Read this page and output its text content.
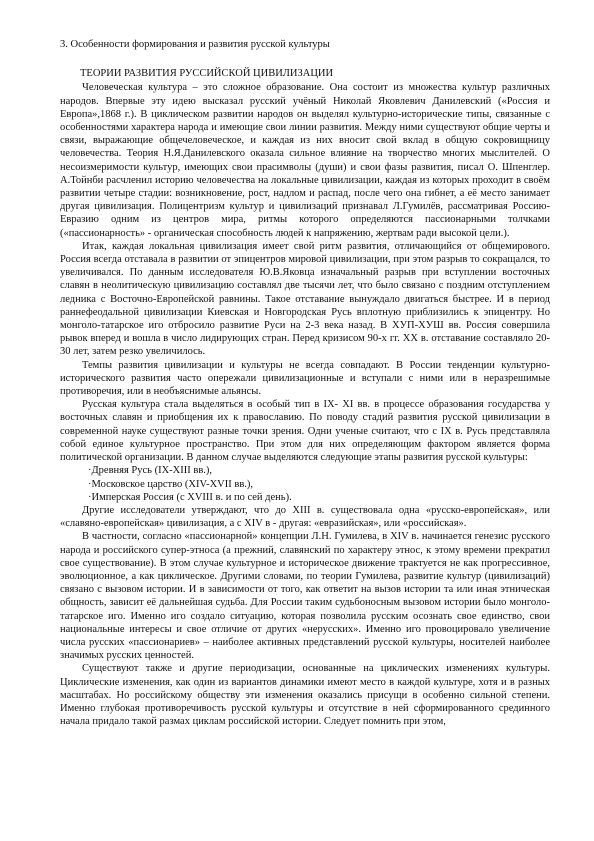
3. Особенности формирования и развития русской культуры
ТЕОРИИ РАЗВИТИЯ РУССИЙСКОЙ ЦИВИЛИЗАЦИИ

Человеческая культура – это сложное образование. Она состоит из множества культур различных народов. Впервые эту идею высказал русский учёный Николай Яковлевич Данилевский («Россия и Европа»,1868 г.). В цикличеcком развитии народов он выделял культурно-исторические типы, связанные с особенностями характера народа и имеющие свои линии развития. Между ними существуют общие черты и связи, выражающие общечеловеческое, и каждая из них вносит свой вклад в общую сокровищницу человечества. Теория Н.Я.Данилевского оказала сильное влияние на творчество многих мыслителей. О несоизмеримости культур, имеющих свои прасимволы (души) и свои фазы развития, писал О. Шпенглер. А.Тойнби расчленил историю человечества на локальные цивилизации, каждая из которых проходит в своём развитии четыре стадии: возникновение, рост, надлом и распад, после чего она гибнет, а её место занимает другая цивилизация. Полицентризм культур и цивилизаций признавал Л.Гумилёв, рассматривая Россию-Евразию одним из центров мира, ритмы которого определяются пассионарными толчками («пассионарность» - органическая способность людей к напряжению, жертвам ради высокой цели.).

Итак, каждая локальная цивилизация имеет свой ритм развития, отличающийся от общемирового. Россия всегда отставала в развитии от эпицентров мировой цивилизации, при этом разрыв то сокращался, то увеличивался. По данным исследователя Ю.В.Яковца изначальный разрыв при вступлении восточных славян в неолитическую цивилизацию составлял две тысячи лет, что было связано с поздним отступлением ледника с Восточно-Европейской равнины. Такое отставание вынуждало двигаться быстрее. И в период раннефеодальной цивилизации Киевская и Новгородская Русь вплотную приблизились к эпицентру. Но монголо-татарское иго отбросило развитие Руси на 2-3 века назад. В ХУП-ХУШ вв. Россия совершила рывок вперед и вошла в число лидирующих стран. Перед кризисом 90-х гг. XX в. отставание составляло 20-30 лет, затем резко увеличилось.

Темпы развития цивилизации и культуры не всегда совпадают. В России тенденции культурно-исторического развития часто опережали цивилизационные и вступали с ними или в неразрешимые противоречия, или в необъяснимые альянсы.

Русская культура стала выделяться в особый тип в IX- XI вв. в процессе образования государства у восточных славян и приобщения их к православию. По поводу стадий развития русской цивилизации в современной науке существуют разные точки зрения. Одни ученые считают, что с IX в. Русь представляла собой единое культурное пространство. При этом для них определяющим фактором является форма политической организации. В данном случае выделяются следующие этапы развития русской культуры:

·Древняя Русь (IX-XIII вв.),
·Московское царство (XIV-XVII вв.),
·Имперская Россия (с XVIII в. и по сей день).

Другие исследователи утверждают, что до XIII в. существовала одна «русско-европейская», или «славяно-европейская» цивилизация, а с XIV в - другая: «евразийская», или «российская».

В частности, согласно «пассионарной» концепции Л.Н. Гумилева, в XIV в. начинается генезис русского народа и российского супер-этноса (а прежний, славянский по характеру этнос, к этому времени прекратил свое существование). В этом случае культурное и историческое движение трактуется не как прогрессивное, эволюционное, а как циклическое. Другими словами, по теории Гумилева, развитие культур (цивилизаций) связано с вызовом истории. И в зависимости от того, как ответит на вызов истории та или иная этническая общность, зависит её дальнейшая судьба. Для России таким судьбоносным вызовом истории было монголо-татарское иго. Именно иго создало ситуацию, которая позволила русским осознать свое единство, свои национальные интересы и свое отличие от других «нерусских». Именно иго провоцировало увеличение числа русских «пассионариев» – наиболее активных представлений русской культуры, носителей наиболее значимых русских ценностей.

Существуют также и другие периодизации, основанные на циклических изменениях культуры. Циклические изменения, как один из вариантов динамики имеют место в каждой культуре, хотя и в разных масштабах. Но российскому обществу эти изменения оказались присущи в особенно сильной степени. Именно глубокая противоречивость русской культуры и отсутствие в ней сформированного срединного начала придало такой размах циклам российской истории. Следует помнить при этом,
